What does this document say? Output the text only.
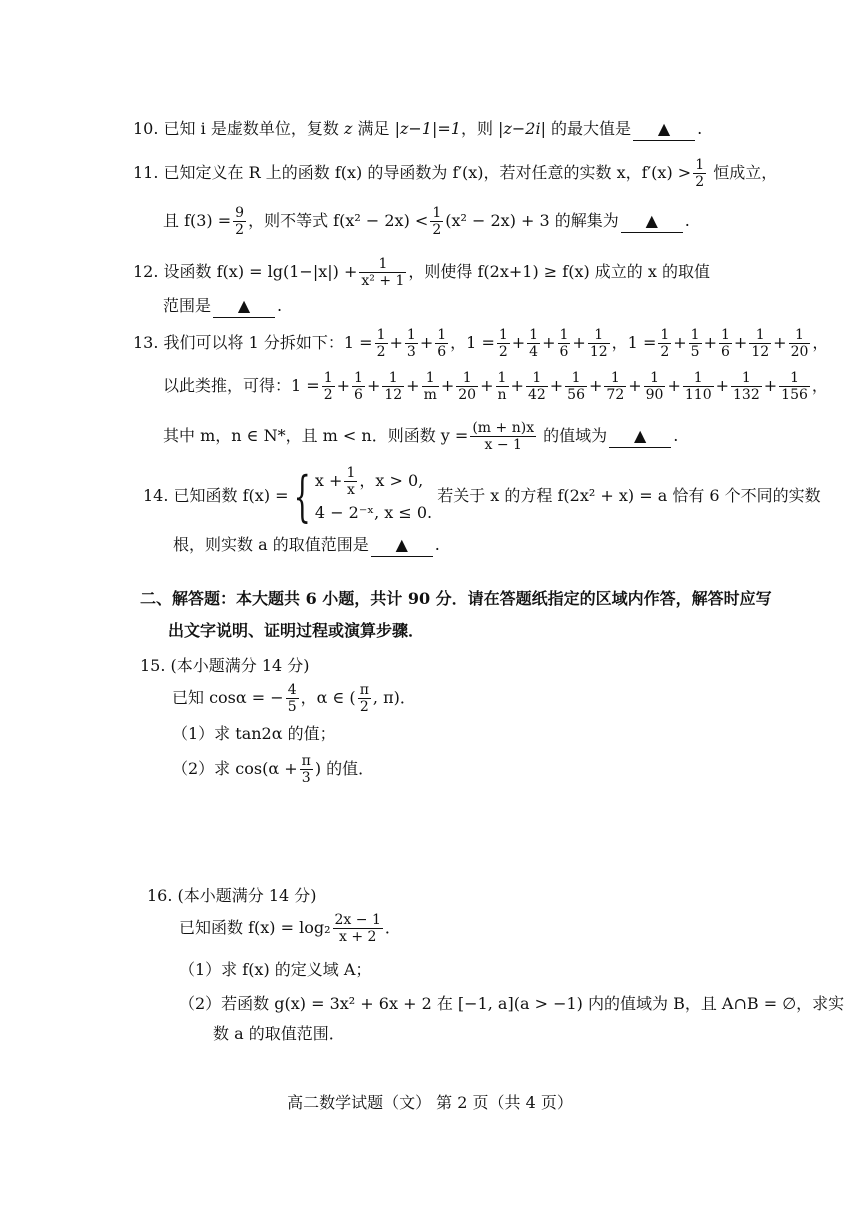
10. 已知 i 是虚数单位，复数 z 满足 |z−1|=1，则 |z−2i| 的最大值是 ▲ .
11. 已知定义在 R 上的函数 f(x) 的导函数为 f′(x)，若对任意的实数 x，$f'(x) > \frac{1}{2}$ 恒成立，
且 $f(3) = \frac{9}{2}$ ，则不等式 $f(x^2 - 2x) < \frac{1}{2} (x^2 - 2x) + 3$ 的解集为 ▲ .
12. 设函数 $f(x) = \lg(1-|x|) + \frac{1}{\text{x² + 1}}$ ，则使得 f(2x+1) ≥ f(x) 成立的 x 的取值
范围是 ▲ .
13. 我们可以将 1 分拆如下：$1 = \frac{1}{2} + \frac{1}{3} + \frac{1}{6}$ ，$1 = \frac{1}{2} + \frac{1}{4} + \frac{1}{6} + \frac{1}{12}$ ，$1 = \frac{1}{2} + \frac{1}{5} + \frac{1}{6} + \frac{1}{12} + \frac{1}{20}$ ，
以此类推，可得：$1 = \frac{1}{2} + \frac{1}{6} + \frac{1}{12} + \frac{1}{m} + \frac{1}{20} + \frac{1}{n} + \frac{1}{42} + \frac{1}{56} + \frac{1}{72} + \frac{1}{90} + \frac{1}{110} + \frac{1}{132} + \frac{1}{156}$ ，
其中 m，n ∈ N*，且 m < n．则函数 $y = \frac{(m + n)x}{x - 1}$ 的值域为 ▲ .
14. 已知函数 f(x) ={ $x + \frac{1}{x}$ ，x > 0,
4 − 2⁻ˣ, x ≤ 0.
若关于 x 的方程 f(2x² + x) = a 恰有 6 个不同的实数
根，则实数 a 的取值范围是 ▲ .
二、解答题：本大题共 6 小题，共计 90 分．请在答题纸指定的区域内作答，解答时应写
出文字说明、证明过程或演算步骤．
15. (本小题满分 14 分)
已知 cosα = − $\frac{4}{5}$ ，α ∈ ( $\frac{\pi}{2}$ , π)．
（1）求 tan2α 的值；
（2）求 $\cos(\alpha + \frac{\pi}{3}$ ) 的值．
16. (本小题满分 14 分)
已知函数 $f(x) = \log_2 \frac{2x - 1}{x + 2}$ ．
（1）求 f(x) 的定义域 A；
（2）若函数 g(x) = 3x² + 6x + 2 在 [−1, a](a > −1) 内的值域为 B，且 A∩B = ∅，求实
数 a 的取值范围．
高二数学试题（文） 第 2 页（共 4 页）
